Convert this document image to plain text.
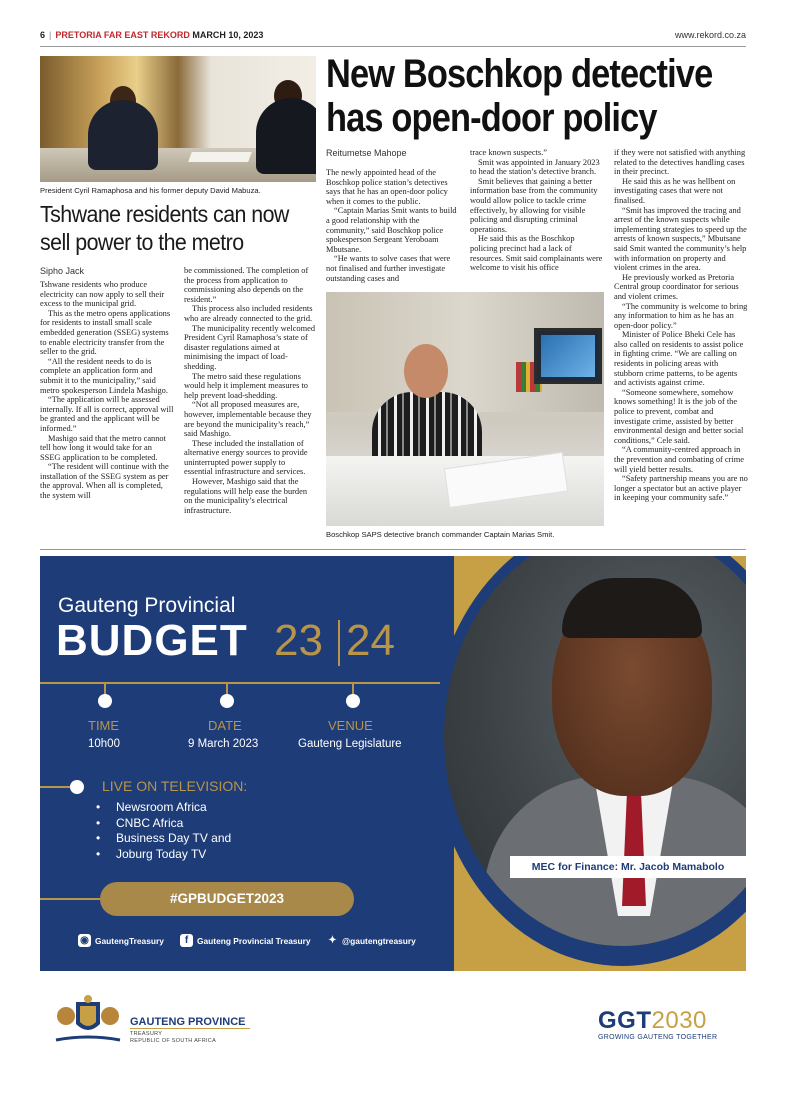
6 | PRETORIA FAR EAST REKORD MARCH 10, 2023	www.rekord.co.za
President Cyril Ramaphosa and his former deputy David Mabuza.
Tshwane residents can now sell power to the metro
Sipho Jack

Tshwane residents who produce electricity can now apply to sell their excess to the municipal grid.

This as the metro opens applications for residents to install small scale embedded generation (SSEG) systems to enable electricity transfer from the seller to the grid.

“All the resident needs to do is complete an application form and submit it to the municipality,” said metro spokesperson Lindela Mashigo.

“The application will be assessed internally. If all is correct, approval will be granted and the applicant will be informed.”

Mashigo said that the metro cannot tell how long it would take for an SSEG application to be completed.

“The resident will continue with the installation of the SSEG system as per the approval. When all is completed, the system will

be commissioned. The completion of the process from application to commissioning also depends on the resident.”

This process also included residents who are already connected to the grid.

The municipality recently welcomed President Cyril Ramaphosa’s state of disaster regulations aimed at minimising the impact of load-shedding.

The metro said these regulations would help it implement measures to help prevent load-shedding.

“Not all proposed measures are, however, implementable because they are beyond the municipality’s reach,” said Mashigo.

These included the installation of alternative energy sources to provide uninterrupted power supply to essential infrastructure and services.

However, Mashigo said that the regulations will help ease the burden on the municipality’s electrical infrastructure.

New Boschkop detective
has open-door policy
Reitumetse Mahope

The newly appointed head of the Boschkop police station’s detectives says that he has an open-door policy when it comes to the public.

“Captain Marias Smit wants to build a good relationship with the community,” said Boschkop police spokesperson Sergeant Yeroboam Mbutsane.

“He wants to solve cases that were not finalised and further investigate outstanding cases and

trace known suspects.”

Smit was appointed in January 2023 to head the station’s detective branch.

Smit believes that gaining a better information base from the community would allow police to tackle crime effectively, by allowing for visible policing and disrupting criminal operations.

He said this as the Boschkop policing precinct had a lack of resources. Smit said complainants were welcome to visit his office

if they were not satisfied with anything related to the detectives handling cases in their precinct.

He said this as he was hellbent on investigating cases that were not finalised.

“Smit has improved the tracing and arrest of the known suspects while implementing strategies to speed up the arrests of known suspects,” Mbutsane said Smit wanted the community’s help with information on property and violent crimes in the area.

He previously worked as Pretoria Central group coordinator for serious and violent crimes.

“The community is welcome to bring any information to him as he has an open-door policy.”

Minister of Police Bheki Cele has also called on residents to assist police in fighting crime. “We are calling on residents in policing areas with stubborn crime patterns, to be agents and activists against crime.

“Someone somewhere, somehow knows something! It is the job of the police to prevent, combat and investigate crime, assisted by better environmental design and better social conditions,” Cele said.

“A community-centred approach in the prevention and combating of crime will yield better results.

“Safety partnership means you are no longer a spectator but an active player in keeping your community safe.”

Boschkop SAPS detective branch commander Captain Marias Smit.
MEC for Finance: Mr. Jacob Mamabolo
Gauteng Provincial
BUDGET 23 24
TIME
10h00
DATE
9 March 2023
VENUE
Gauteng Legislature
LIVE ON TELEVISION:
• Newsroom Africa
• CNBC Africa
• Business Day TV and
• Joburg Today TV
#GPBUDGET2023
◉ GautengTreasury	f	Gauteng Provincial Treasury ✦ @gautengtreasury
GAUTENG PROVINCE
TREASURY
REPUBLIC OF SOUTH AFRICA
GGT2030
GROWING GAUTENG TOGETHER
